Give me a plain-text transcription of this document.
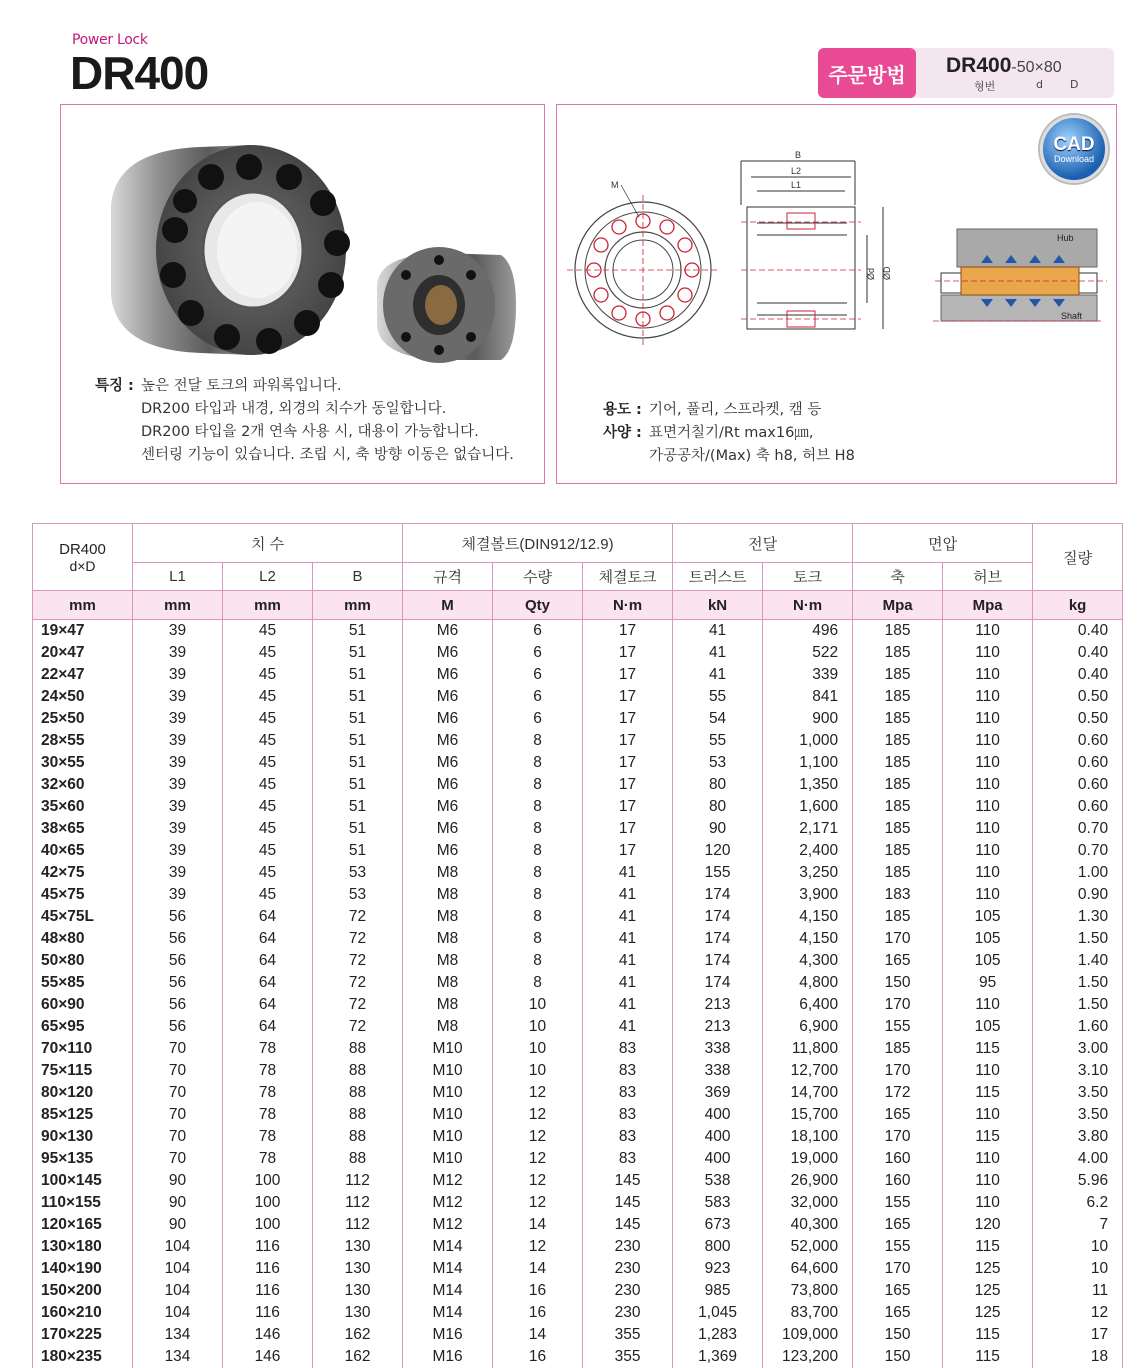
Power Lock
DR400	주문방법	DR400-50×80
형번	d D
특징 : 높은 전달 토크의 파워록입니다.
DR200 타입과 내경, 외경의 치수가 동일합니다.
DR200 타입을 2개 연속 사용 시, 대용이 가능합니다.
센터링 기능이 있습니다. 조립 시, 축 방향 이동은 없습니다.
M
B
L2
L1
Ød ØD
Hub
Shaft
용도 : 기어, 풀리, 스프라켓, 캠 등
사양 : 표면거칠기/Rt max16㎛,
가공공차/(Max) 축 h8, 허브 H8
CAD
Download
DR400
d×D	치 수			체결볼트(DIN912/12.9)			전달		면압		질량
	L1	L2	B	규격	수량	체결토크	트러스트	토크	축	허브	
mm	mm	mm	mm	M	Qty	N·m	kN	N·m	Mpa	Mpa	kg
19×47	39	45	51	M6	6	17	41	496	185	110	0.40
20×47	39	45	51	M6	6	17	41	522	185	110	0.40
22×47	39	45	51	M6	6	17	41	339	185	110	0.40
24×50	39	45	51	M6	6	17	55	841	185	110	0.50
25×50	39	45	51	M6	6	17	54	900	185	110	0.50
28×55	39	45	51	M6	8	17	55	1,000	185	110	0.60
30×55	39	45	51	M6	8	17	53	1,100	185	110	0.60
32×60	39	45	51	M6	8	17	80	1,350	185	110	0.60
35×60	39	45	51	M6	8	17	80	1,600	185	110	0.60
38×65	39	45	51	M6	8	17	90	2,171	185	110	0.70
40×65	39	45	51	M6	8	17	120	2,400	185	110	0.70
42×75	39	45	53	M8	8	41	155	3,250	185	110	1.00
45×75	39	45	53	M8	8	41	174	3,900	183	110	0.90
45×75L	56	64	72	M8	8	41	174	4,150	185	105	1.30
48×80	56	64	72	M8	8	41	174	4,150	170	105	1.50
50×80	56	64	72	M8	8	41	174	4,300	165	105	1.40
55×85	56	64	72	M8	8	41	174	4,800	150	95	1.50
60×90	56	64	72	M8	10	41	213	6,400	170	110	1.50
65×95	56	64	72	M8	10	41	213	6,900	155	105	1.60
70×110	70	78	88	M10	10	83	338	11,800	185	115	3.00
75×115	70	78	88	M10	10	83	338	12,700	170	110	3.10
80×120	70	78	88	M10	12	83	369	14,700	172	115	3.50
85×125	70	78	88	M10	12	83	400	15,700	165	110	3.50
90×130	70	78	88	M10	12	83	400	18,100	170	115	3.80
95×135	70	78	88	M10	12	83	400	19,000	160	110	4.00
100×145	90	100	112	M12	12	145	538	26,900	160	110	5.96
110×155	90	100	112	M12	12	145	583	32,000	155	110	6.2
120×165	90	100	112	M12	14	145	673	40,300	165	120	7
130×180	104	116	130	M14	12	230	800	52,000	155	115	10
140×190	104	116	130	M14	14	230	923	64,600	170	125	10
150×200	104	116	130	M14	16	230	985	73,800	165	125	11
160×210	104	116	130	M14	16	230	1,045	83,700	165	125	12
170×225	134	146	162	M16	14	355	1,283	109,000	150	115	17
180×235	134	146	162	M16	16	355	1,369	123,200	150	115	18
